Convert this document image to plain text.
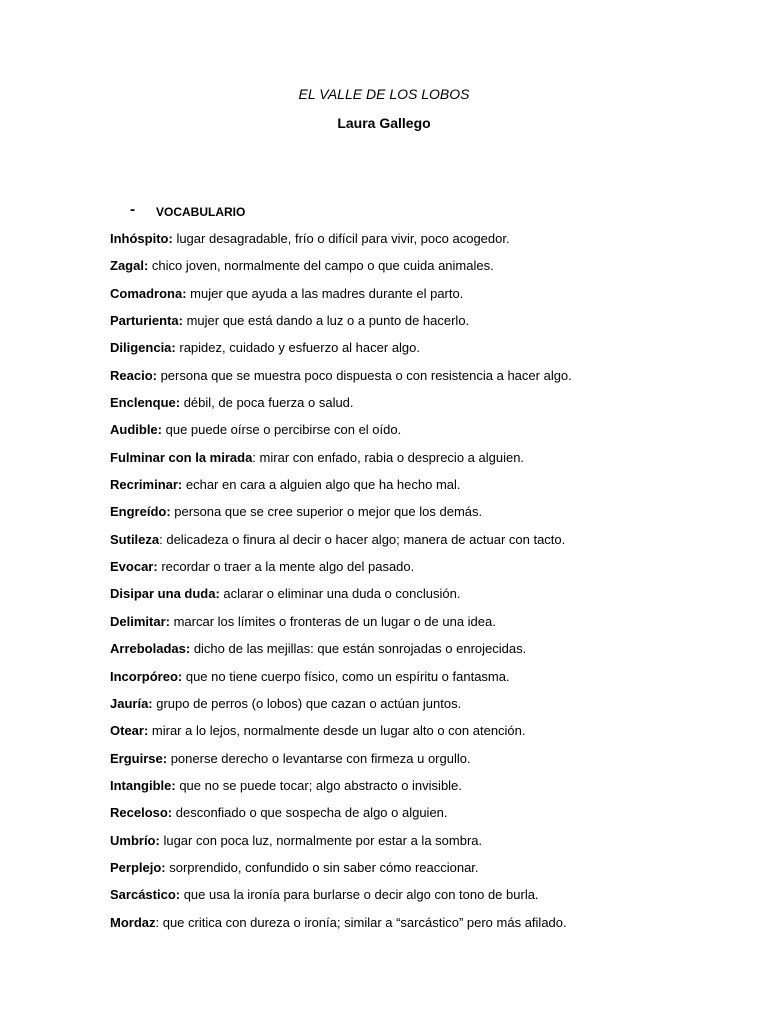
EL VALLE DE LOS LOBOS
Laura Gallego
-	VOCABULARIO
Inhóspito: lugar desagradable, frío o difícil para vivir, poco acogedor.
Zagal: chico joven, normalmente del campo o que cuida animales.
Comadrona: mujer que ayuda a las madres durante el parto.
Parturienta: mujer que está dando a luz o a punto de hacerlo.
Diligencia: rapidez, cuidado y esfuerzo al hacer algo.
Reacio: persona que se muestra poco dispuesta o con resistencia a hacer algo.
Enclenque: débil, de poca fuerza o salud.
Audible: que puede oírse o percibirse con el oído.
Fulminar con la mirada: mirar con enfado, rabia o desprecio a alguien.
Recriminar: echar en cara a alguien algo que ha hecho mal.
Engreído: persona que se cree superior o mejor que los demás.
Sutileza: delicadeza o finura al decir o hacer algo; manera de actuar con tacto.
Evocar: recordar o traer a la mente algo del pasado.
Disipar una duda: aclarar o eliminar una duda o conclusión.
Delimitar: marcar los límites o fronteras de un lugar o de una idea.
Arreboladas: dicho de las mejillas: que están sonrojadas o enrojecidas.
Incorpóreo: que no tiene cuerpo físico, como un espíritu o fantasma.
Jauría: grupo de perros (o lobos) que cazan o actúan juntos.
Otear: mirar a lo lejos, normalmente desde un lugar alto o con atención.
Erguirse: ponerse derecho o levantarse con firmeza u orgullo.
Intangible: que no se puede tocar; algo abstracto o invisible.
Receloso: desconfiado o que sospecha de algo o alguien.
Umbrío: lugar con poca luz, normalmente por estar a la sombra.
Perplejo: sorprendido, confundido o sin saber cómo reaccionar.
Sarcástico: que usa la ironía para burlarse o decir algo con tono de burla.
Mordaz: que critica con dureza o ironía; similar a “sarcástico” pero más afilado.
